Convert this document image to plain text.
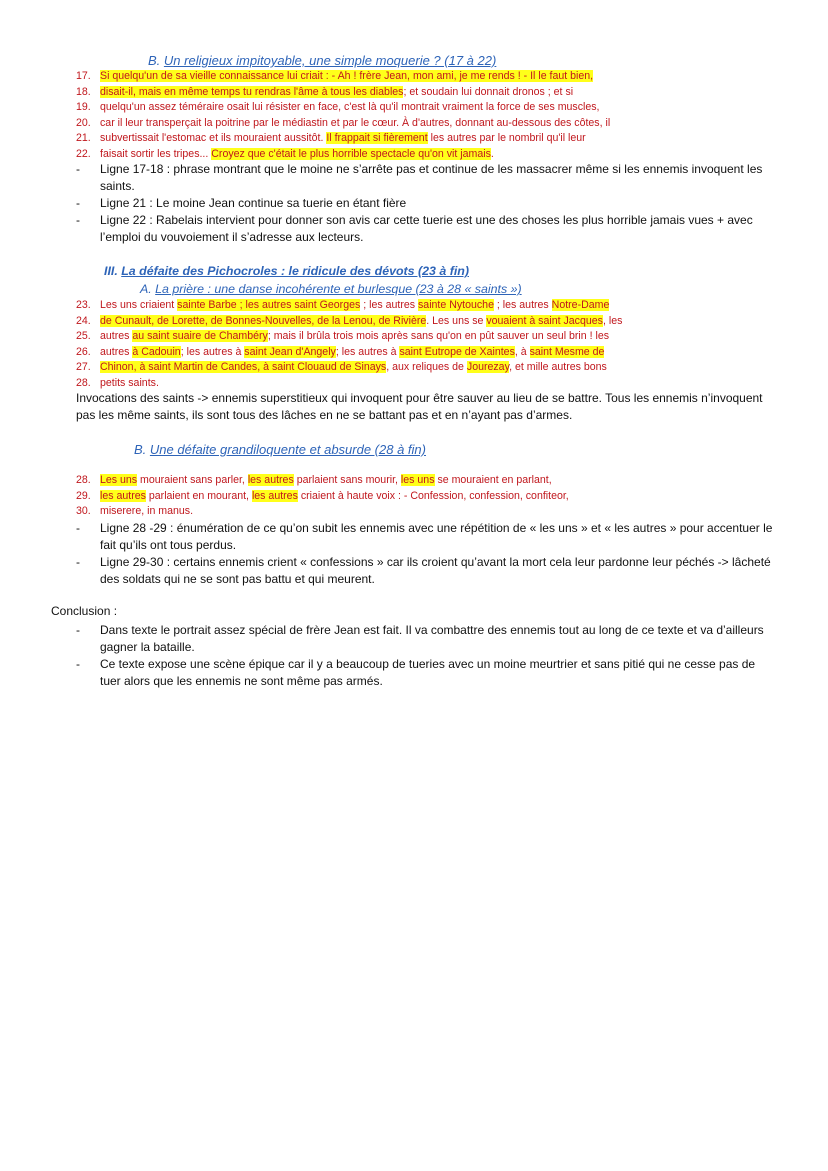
B. Un religieux impitoyable, une simple moquerie ? (17 à 22)
17. Si quelqu'un de sa vieille connaissance lui criait : - Ah ! frère Jean, mon ami, je me rends ! - Il le faut bien,
18. disait-il, mais en même temps tu rendras l'âme à tous les diables; et soudain lui donnait dronos ; et si
19. quelqu'un assez téméraire osait lui résister en face, c'est là qu'il montrait vraiment la force de ses muscles,
20. car il leur transperçait la poitrine par le médiastin et par le cœur. À d'autres, donnant au-dessous des côtes, il
21. subvertissait l'estomac et ils mouraient aussitôt. Il frappait si fièrement les autres par le nombril qu'il leur
22. faisait sortir les tripes... Croyez que c'était le plus horrible spectacle qu'on vit jamais.
-	Ligne 17-18 : phrase montrant que le moine ne s’arrête pas et continue de les massacrer même si les ennemis invoquent les saints.
-	Ligne 21 : Le moine Jean continue sa tuerie en étant fière
-	Ligne 22 : Rabelais intervient pour donner son avis car cette tuerie est une des choses les plus horrible jamais vues + avec l’emploi du vouvoiement il s’adresse aux lecteurs.
III. La défaite des Pichocroles : le ridicule des dévots (23 à fin)
A. La prière : une danse incohérente et burlesque (23 à 28 « saints »)
23. Les uns criaient sainte Barbe ; les autres saint Georges ; les autres sainte Nytouche ; les autres Notre-Dame
24. de Cunault, de Lorette, de Bonnes-Nouvelles, de la Lenou, de Rivière. Les uns se vouaient à saint Jacques, les
25. autres au saint suaire de Chambéry; mais il brûla trois mois après sans qu'on en pût sauver un seul brin ! les
26. autres à Cadouin; les autres à saint Jean d'Angely; les autres à saint Eutrope de Xaintes, à saint Mesme de
27. Chinon, à saint Martin de Candes, à saint Clouaud de Sinays, aux reliques de Jourezay, et mille autres bons
28. petits saints.
Invocations des saints -> ennemis superstitieux qui invoquent pour être sauver au lieu de se battre. Tous les ennemis n’invoquent pas les même saints, ils sont tous des lâches en ne se battant pas et en n’ayant pas d’armes.
B. Une défaite grandiloquente et absurde (28 à fin)
28. Les uns mouraient sans parler, les autres parlaient sans mourir, les uns se mouraient en parlant,
29. les autres parlaient en mourant, les autres criaient à haute voix : - Confession, confession, confiteor,
30. miserere, in manus.
-	Ligne 28 -29 : énumération de ce qu’on subit les ennemis avec une répétition de « les uns » et « les autres » pour accentuer le fait qu’ils ont tous perdus.
-	Ligne 29-30 : certains ennemis crient « confessions » car ils croient qu’avant la mort cela leur pardonne leur péchés -> lâcheté des soldats qui ne se sont pas battu et qui meurent.
Conclusion :
-	Dans texte le portrait assez spécial de frère Jean est fait. Il va combattre des ennemis tout au long de ce texte et va d’ailleurs gagner la bataille.
-	Ce texte expose une scène épique car il y a beaucoup de tueries avec un moine meurtrier et sans pitié qui ne cesse pas de tuer alors que les ennemis ne sont même pas armés.
